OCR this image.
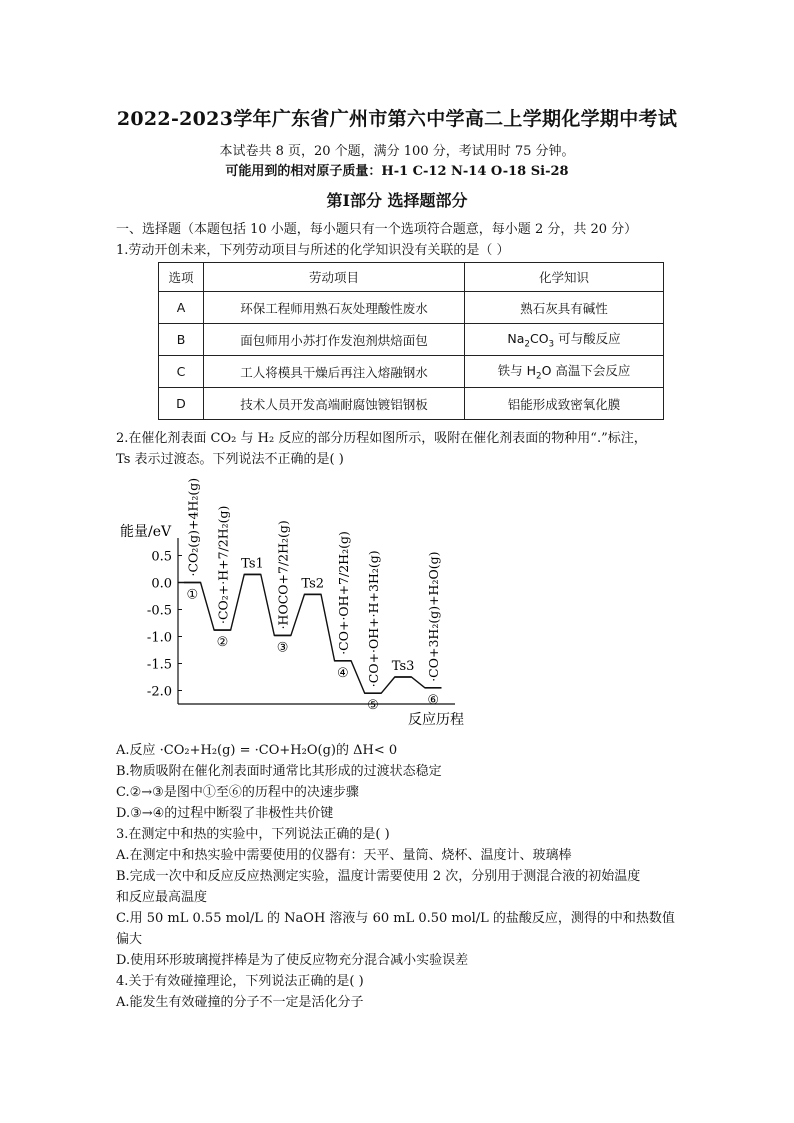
2022-2023学年广东省广州市第六中学高二上学期化学期中考试
本试卷共 8 页，20 个题，满分 100 分，考试用时 75 分钟。
可能用到的相对原子质量：H-1 C-12 N-14 O-18 Si-28
第Ⅰ部分 选择题部分
一、选择题（本题包括 10 小题，每小题只有一个选项符合题意，每小题 2 分，共 20 分）
1.劳动开创未来，下列劳动项目与所述的化学知识没有关联的是（ ）
选项	劳动项目	化学知识
A	环保工程师用熟石灰处理酸性废水	熟石灰具有碱性
B	面包师用小苏打作发泡剂烘焙面包	$Na_2CO_3$ 可与酸反应
C	工人将模具干燥后再注入熔融钢水	铁与 $H_2O$ 高温下会反应
D	技术人员开发高端耐腐蚀镀铝钢板	铝能形成致密氧化膜
2.在催化剂表面 CO₂ 与 H₂ 反应的部分历程如图所示，吸附在催化剂表面的物种用“.”标注，
Ts 表示过渡态。下列说法不正确的是( )
0.5
0.0
-0.5
-1.0
-1.5
-2.0
①
·CO₂(g)+4H₂(g)
②
·CO₂+·H+7/2H₂(g) Ts1
③
·HOCO+7/2H₂(g) Ts2
④
·CO+·OH+7/2H₂(g)
⑤
·CO+·OH+·H+3H₂(g) Ts3
⑥
·CO+3H₂(g)+H₂O(g)
能量/eV
反应历程
A.反应 ·CO₂+H₂(g) = ·CO+H₂O(g)的 ΔH< 0
B.物质吸附在催化剂表面时通常比其形成的过渡状态稳定
C.②→③是图中①至⑥的历程中的决速步骤
D.③→④的过程中断裂了非极性共价键
3.在测定中和热的实验中，下列说法正确的是( )
A.在测定中和热实验中需要使用的仪器有：天平、量筒、烧杯、温度计、玻璃棒
B.完成一次中和反应反应热测定实验，温度计需要使用 2 次，分别用于测混合液的初始温度
和反应最高温度
C.用 50 mL 0.55 mol/L 的 NaOH 溶液与 60 mL 0.50 mol/L 的盐酸反应，测得的中和热数值
偏大
D.使用环形玻璃搅拌棒是为了使反应物充分混合减小实验误差
4.关于有效碰撞理论，下列说法正确的是( )
A.能发生有效碰撞的分子不一定是活化分子
